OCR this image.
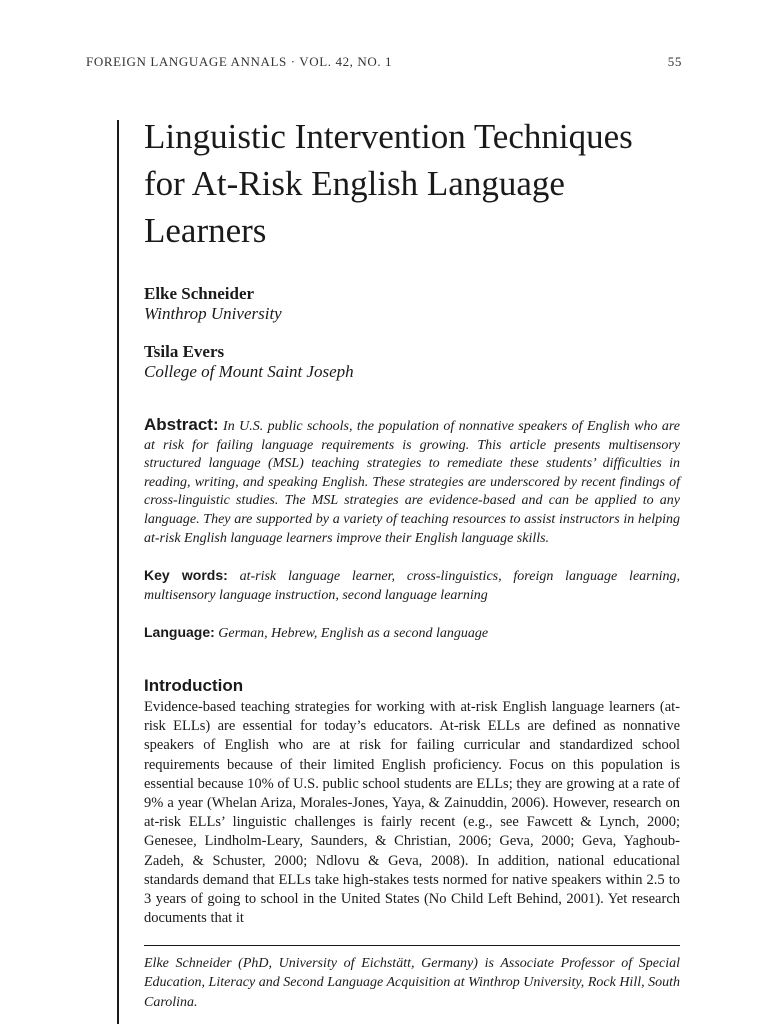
FOREIGN LANGUAGE ANNALS · VOL. 42, NO. 1	55
Linguistic Intervention Techniques for At-Risk English Language Learners
Elke Schneider
Winthrop University
Tsila Evers
College of Mount Saint Joseph
Abstract: In U.S. public schools, the population of nonnative speakers of English who are at risk for failing language requirements is growing. This article presents multisensory structured language (MSL) teaching strategies to remediate these students’ difficulties in reading, writing, and speaking English. These strategies are underscored by recent findings of cross-linguistic studies. The MSL strategies are evidence-based and can be applied to any language. They are supported by a variety of teaching resources to assist instructors in helping at-risk English language learners improve their English language skills.
Key words: at-risk language learner, cross-linguistics, foreign language learning, multisensory language instruction, second language learning
Language: German, Hebrew, English as a second language
Introduction

Evidence-based teaching strategies for working with at-risk English language learners (at-risk ELLs) are essential for today’s educators. At-risk ELLs are defined as nonnative speakers of English who are at risk for failing curricular and standardized school requirements because of their limited English proficiency. Focus on this population is essential because 10% of U.S. public school students are ELLs; they are growing at a rate of 9% a year (Whelan Ariza, Morales-Jones, Yaya, & Zainuddin, 2006). However, research on at-risk ELLs’ linguistic challenges is fairly recent (e.g., see Fawcett & Lynch, 2000; Genesee, Lindholm-Leary, Saunders, & Christian, 2006; Geva, 2000; Geva, Yaghoub-Zadeh, & Schuster, 2000; Ndlovu & Geva, 2008). In addition, national educational standards demand that ELLs take high-stakes tests normed for native speakers within 2.5 to 3 years of going to school in the United States (No Child Left Behind, 2001). Yet research documents that it

Elke Schneider (PhD, University of Eichstätt, Germany) is Associate Professor of Special Education, Literacy and Second Language Acquisition at Winthrop University, Rock Hill, South Carolina.
